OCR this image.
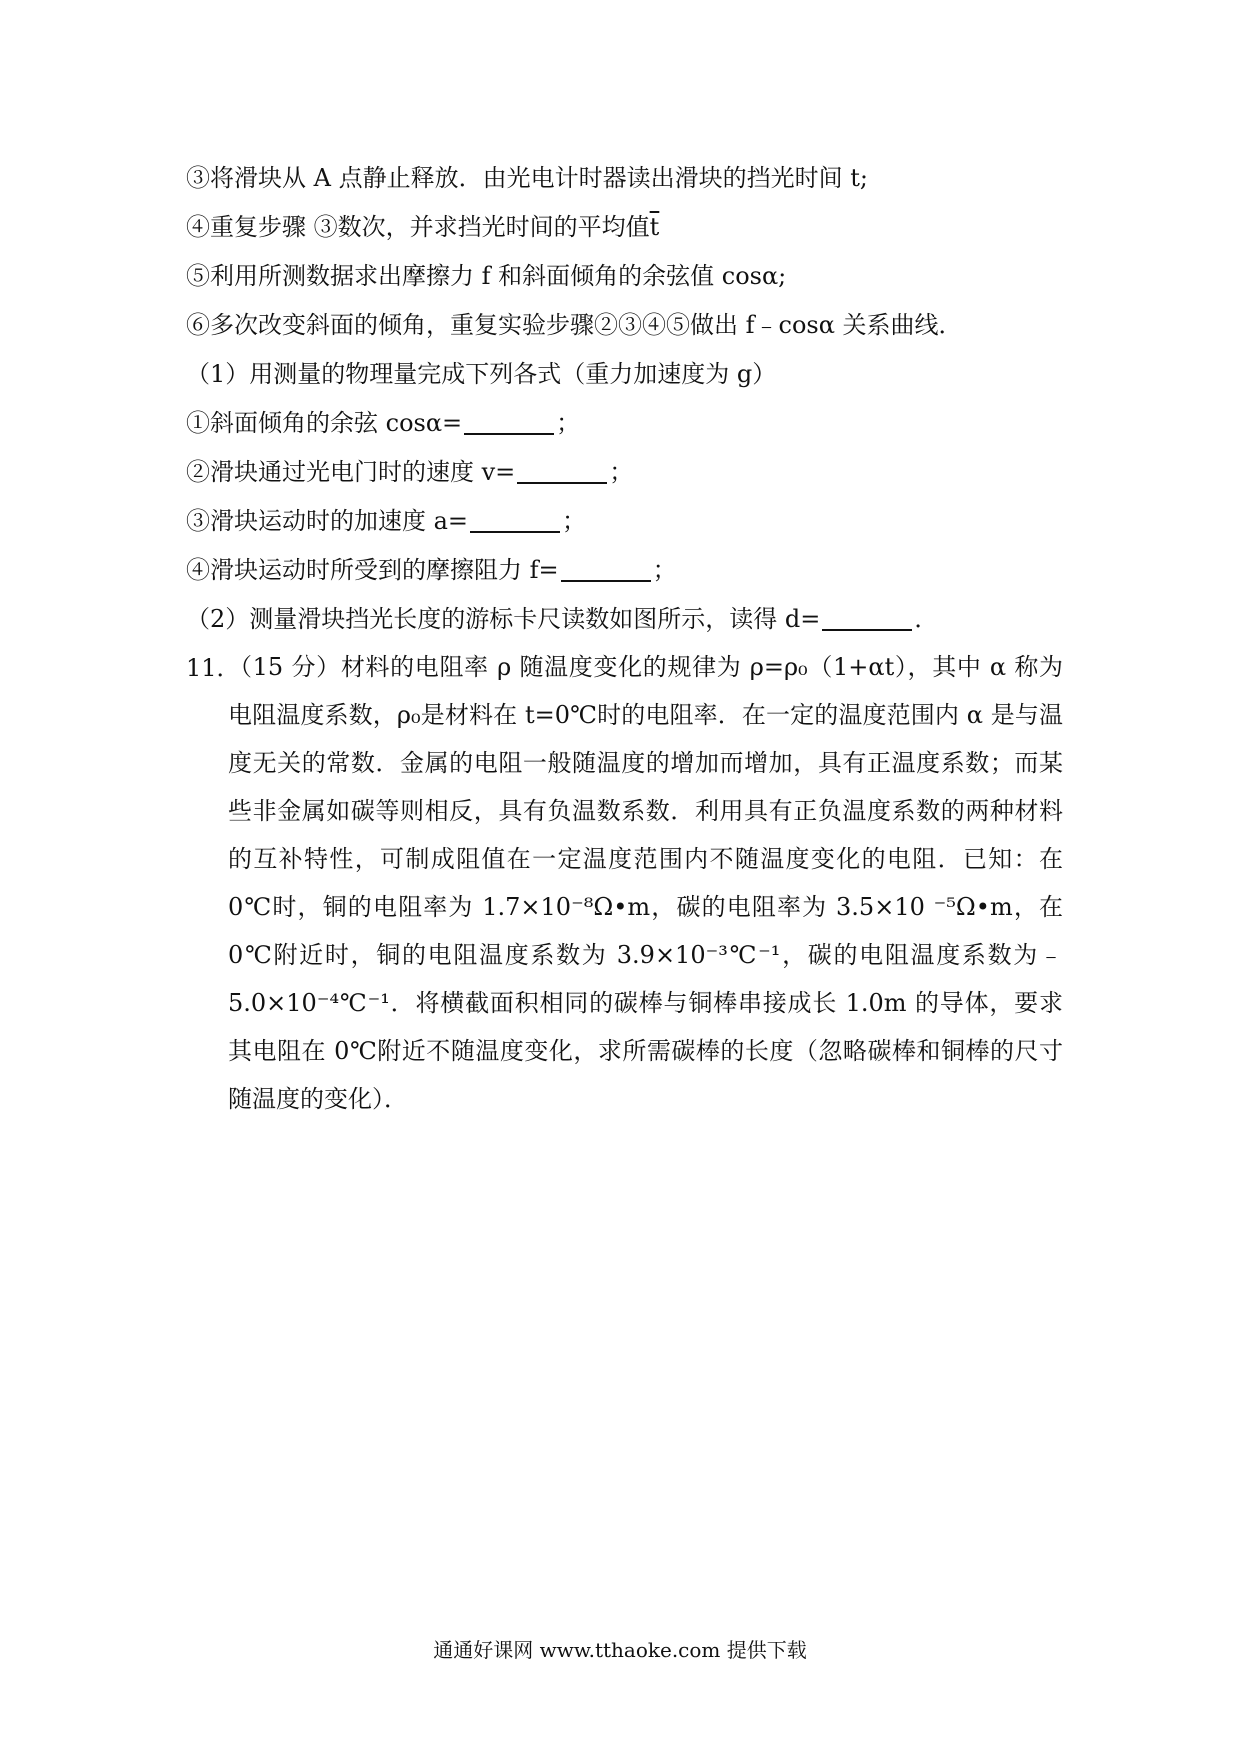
③将滑块从 A 点静止释放．由光电计时器读出滑块的挡光时间 t;
④重复步骤 ③数次，并求挡光时间的平均值$\overline{t}$
⑤利用所测数据求出摩擦力 f 和斜面倾角的余弦值 cosα;
⑥多次改变斜面的倾角，重复实验步骤②③④⑤做出 f﹣cosα 关系曲线．
（1）用测量的物理量完成下列各式（重力加速度为 g）
①斜面倾角的余弦 cosα=	；
②滑块通过光电门时的速度 v=	；
③滑块运动时的加速度 a=	；
④滑块运动时所受到的摩擦阻力 f=	；
（2）测量滑块挡光长度的游标卡尺读数如图所示，读得 d=	．
11．
（15 分）材料的电阻率 ρ 随温度变化的规律为 ρ=ρ₀（1+αt），其中 α 称为电阻温度系数，ρ₀是材料在 t=0℃时的电阻率．在一定的温度范围内 α 是与温度无关的常数．金属的电阻一般随温度的增加而增加，具有正温度系数；而某些非金属如碳等则相反，具有负温数系数．利用具有正负温度系数的两种材料的互补特性，可制成阻值在一定温度范围内不随温度变化的电阻．已知：在 0℃时，铜的电阻率为 1.7×10⁻⁸Ω•m，碳的电阻率为 3.5×10 ⁻⁵Ω•m，在 0℃附近时，铜的电阻温度系数为 3.9×10⁻³℃⁻¹，碳的电阻温度系数为﹣5.0×10⁻⁴℃⁻¹．将横截面积相同的碳棒与铜棒串接成长 1.0m 的导体，要求其电阻在 0℃附近不随温度变化，求所需碳棒的长度（忽略碳棒和铜棒的尺寸随温度的变化）．
通通好课网 www.tthaoke.com 提供下载
